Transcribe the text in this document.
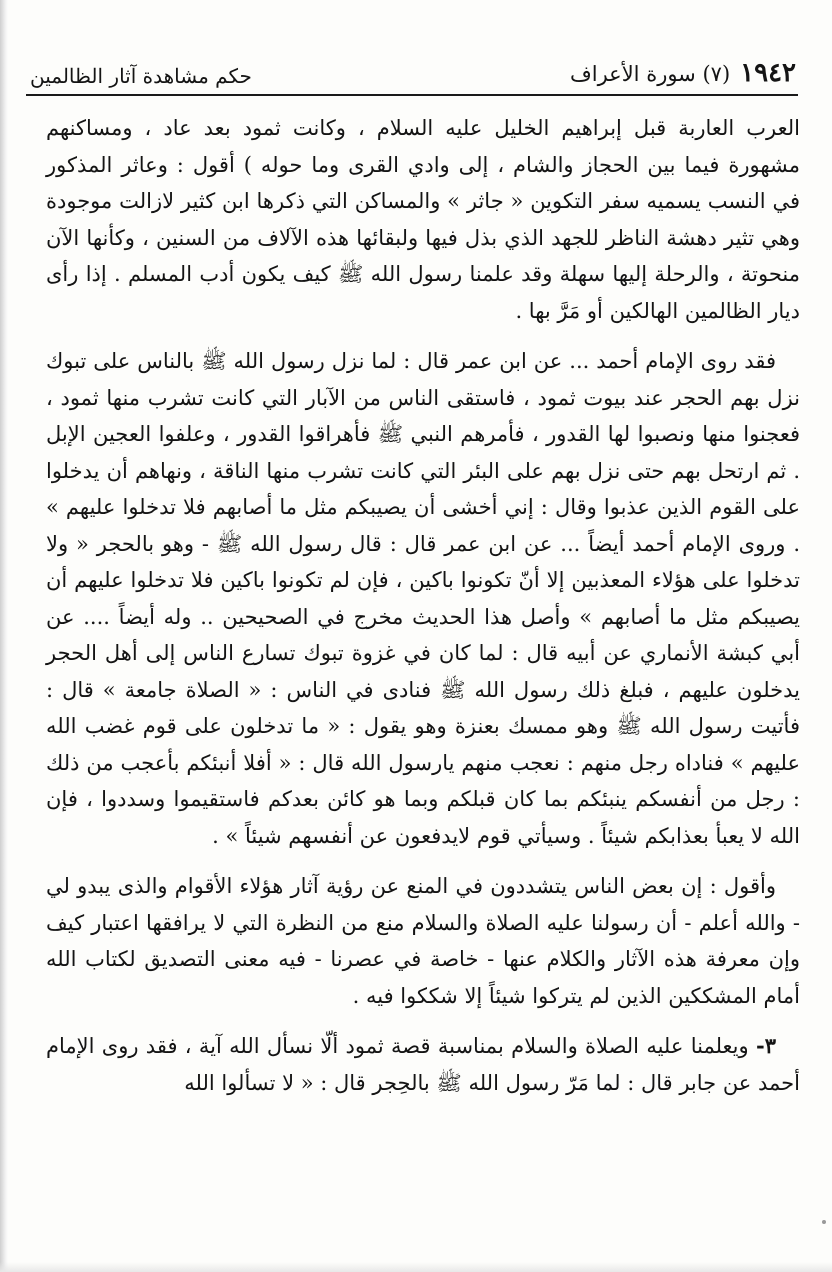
١٩٤٢
(٧) سورة الأعراف
حكم مشاهدة آثار الظالمين

العرب العاربة قبل إبراهيم الخليل عليه السلام ، وكانت ثمود بعد عاد ، ومساكنهم مشهورة فيما بين الحجاز والشام ، إلى وادي القرى وما حوله ) أقول : وعاثر المذكور في النسب يسميه سفر التكوين « جاثر » والمساكن التي ذكرها ابن كثير لازالت موجودة وهي تثير دهشة الناظر للجهد الذي بذل فيها ولبقائها هذه الآلاف من السنين ، وكأنها الآن منحوتة ، والرحلة إليها سهلة وقد علمنا رسول الله ﷺ كيف يكون أدب المسلم . إذا رأى ديار الظالمين الهالكين أو مَرَّ بها .

فقد روى الإمام أحمد ... عن ابن عمر قال : لما نزل رسول الله ﷺ بالناس على تبوك نزل بهم الحجر عند بيوت ثمود ، فاستقى الناس من الآبار التي كانت تشرب منها ثمود ، فعجنوا منها ونصبوا لها القدور ، فأمرهم النبي ﷺ فأهراقوا القدور ، وعلفوا العجين الإبل . ثم ارتحل بهم حتى نزل بهم على البئر التي كانت تشرب منها الناقة ، ونهاهم أن يدخلوا على القوم الذين عذبوا وقال : إني أخشى أن يصيبكم مثل ما أصابهم فلا تدخلوا عليهم » . وروى الإمام أحمد أيضاً ... عن ابن عمر قال : قال رسول الله ﷺ - وهو بالحجر « ولا تدخلوا على هؤلاء المعذبين إلا أنّ تكونوا باكين ، فإن لم تكونوا باكين فلا تدخلوا عليهم أن يصيبكم مثل ما أصابهم » وأصل هذا الحديث مخرج في الصحيحين .. وله أيضاً .... عن أبي كبشة الأنماري عن أبيه قال : لما كان في غزوة تبوك تسارع الناس إلى أهل الحجر يدخلون عليهم ، فبلغ ذلك رسول الله ﷺ فنادى في الناس : « الصلاة جامعة » قال : فأتيت رسول الله ﷺ وهو ممسك بعنزة وهو يقول : « ما تدخلون على قوم غضب الله عليهم » فناداه رجل منهم : نعجب منهم يارسول الله قال : « أفلا أنبئكم بأعجب من ذلك : رجل من أنفسكم ينبئكم بما كان قبلكم وبما هو كائن بعدكم فاستقيموا وسددوا ، فإن الله لا يعبأ بعذابكم شيئاً . وسيأتي قوم لايدفعون عن أنفسهم شيئاً » .

وأقول : إن بعض الناس يتشددون في المنع عن رؤية آثار هؤلاء الأقوام والذى يبدو لي - والله أعلم - أن رسولنا عليه الصلاة والسلام منع من النظرة التي لا يرافقها اعتبار كيف وإن معرفة هذه الآثار والكلام عنها - خاصة في عصرنا - فيه معنى التصديق لكتاب الله أمام المشككين الذين لم يتركوا شيئاً إلا شككوا فيه .

٣- ويعلمنا عليه الصلاة والسلام بمناسبة قصة ثمود ألّا نسأل الله آية ، فقد روى الإمام أحمد عن جابر قال : لما مَرّ رسول الله ﷺ بالحِجر قال : « لا تسألوا الله
